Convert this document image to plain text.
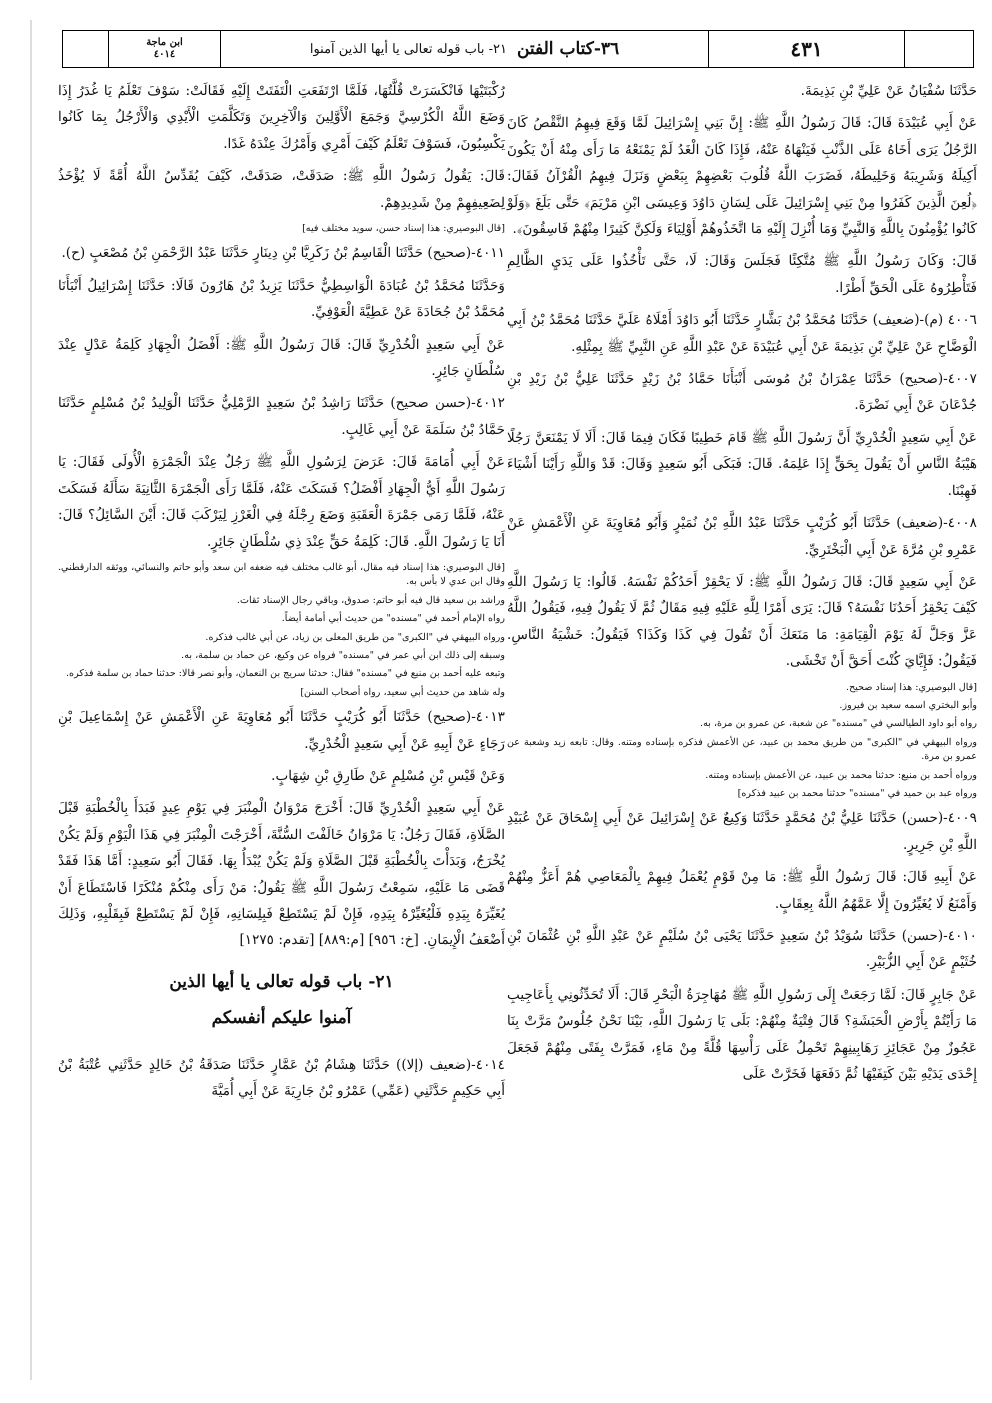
ابن ماجة
٤٠١٤	٣٦-كتاب الفتن
٢١- باب قوله تعالى يا أيها الذين آمنوا	٤٣١

حَدَّثَنَا سُفْيَانُ عَنْ عَلِيِّ بْنِ بَذِيمَةَ.

عَنْ أَبِي عُبَيْدَةَ قَالَ: قَالَ رَسُولُ اللَّهِ ﷺ: إِنَّ بَنِي إِسْرَائِيلَ لَمَّا وَقَعَ فِيهِمُ النَّقْصُ كَانَ الرَّجُلُ يَرَى أَخَاهُ عَلَى الذَّنْبِ فَيَنْهَاهُ عَنْهُ، فَإِذَا كَانَ الْغَدُ لَمْ يَمْنَعْهُ مَا رَأَى مِنْهُ أَنْ يَكُونَ أَكِيلَهُ وَشَرِيبَهُ وَخَلِيطَهُ، فَضَرَبَ اللَّهُ قُلُوبَ بَعْضِهِمْ بِبَعْضٍ وَنَزَلَ فِيهِمُ الْقُرْآنُ فَقَالَ: ﴿لُعِنَ الَّذِينَ كَفَرُوا مِنْ بَنِي إِسْرَائِيلَ عَلَى لِسَانِ دَاوُدَ وَعِيسَى ابْنِ مَرْيَمَ﴾ حَتَّى بَلَغَ ﴿وَلَوْ كَانُوا يُؤْمِنُونَ بِاللَّهِ وَالنَّبِيِّ وَمَا أُنْزِلَ إِلَيْهِ مَا اتَّخَذُوهُمْ أَوْلِيَاءَ وَلَكِنَّ كَثِيرًا مِنْهُمْ فَاسِقُونَ﴾.

قَالَ: وَكَانَ رَسُولُ اللَّهِ ﷺ مُتَّكِئًا فَجَلَسَ وَقَالَ: لَا، حَتَّى تَأْخُذُوا عَلَى يَدَيِ الظَّالِمِ فَتَأْطِرُوهُ عَلَى الْحَقِّ أَطْرًا.

٤٠٠٦ (م)-(ضعيف) حَدَّثَنَا مُحَمَّدُ بْنُ بَشَّارٍ حَدَّثَنَا أَبُو دَاوُدَ أَمْلَاهُ عَلَيَّ حَدَّثَنَا مُحَمَّدُ بْنُ أَبِي الْوَضَّاحِ عَنْ عَلِيِّ بْنِ بَذِيمَةَ عَنْ أَبِي عُبَيْدَةَ عَنْ عَبْدِ اللَّهِ عَنِ النَّبِيِّ ﷺ بِمِثْلِهِ.

٤٠٠٧-(صحيح) حَدَّثَنَا عِمْرَانُ بْنُ مُوسَى أَنْبَأَنَا حَمَّادُ بْنُ زَيْدٍ حَدَّثَنَا عَلِيُّ بْنُ زَيْدِ بْنِ جُدْعَانَ عَنْ أَبِي نَضْرَةَ.

عَنْ أَبِي سَعِيدٍ الْخُدْرِيِّ أَنَّ رَسُولَ اللَّهِ ﷺ قَامَ خَطِيبًا فَكَانَ فِيمَا قَالَ: أَلَا لَا يَمْنَعَنَّ رَجُلًا هَيْبَةُ النَّاسِ أَنْ يَقُولَ بِحَقٍّ إِذَا عَلِمَهُ. قَالَ: فَبَكَى أَبُو سَعِيدٍ وَقَالَ: قَدْ وَاللَّهِ رَأَيْنَا أَشْيَاءَ فَهِبْنَا.

٤٠٠٨-(ضعيف) حَدَّثَنَا أَبُو كُرَيْبٍ حَدَّثَنَا عَبْدُ اللَّهِ بْنُ نُمَيْرٍ وَأَبُو مُعَاوِيَةَ عَنِ الْأَعْمَشِ عَنْ عَمْرِو بْنِ مُرَّةَ عَنْ أَبِي الْبَخْتَرِيِّ.

عَنْ أَبِي سَعِيدٍ قَالَ: قَالَ رَسُولُ اللَّهِ ﷺ: لَا يَحْقِرْ أَحَدُكُمْ نَفْسَهُ. قَالُوا: يَا رَسُولَ اللَّهِ كَيْفَ يَحْقِرُ أَحَدُنَا نَفْسَهُ؟ قَالَ: يَرَى أَمْرًا لِلَّهِ عَلَيْهِ فِيهِ مَقَالٌ ثُمَّ لَا يَقُولُ فِيهِ، فَيَقُولُ اللَّهُ عَزَّ وَجَلَّ لَهُ يَوْمَ الْقِيَامَةِ: مَا مَنَعَكَ أَنْ تَقُولَ فِي كَذَا وَكَذَا؟ فَيَقُولُ: خَشْيَةُ النَّاسِ. فَيَقُولُ: فَإِيَّايَ كُنْتَ أَحَقَّ أَنْ تَخْشَى.

[قال البوصيري: هذا إسناد صحيح.

وأبو البختري اسمه سعيد بن فيروز.

رواه أبو داود الطيالسي في "مسنده" عن شعبة، عن عمرو بن مرة، به.

ورواه البيهقي في "الكبرى" من طريق محمد بن عبيد، عن الأعمش فذكره بإسناده ومتنه. وقال: تابعه زيد وشعبة عن عمرو بن مرة.

ورواه أحمد بن منيع: حدثنا محمد بن عبيد، عن الأعمش بإسناده ومتنه.

ورواه عبد بن حميد في "مسنده" حدثنا محمد بن عبيد فذكره]

٤٠٠٩-(حسن) حَدَّثَنَا عَلِيُّ بْنُ مُحَمَّدٍ حَدَّثَنَا وَكِيعٌ عَنْ إِسْرَائِيلَ عَنْ أَبِي إِسْحَاقَ عَنْ عُبَيْدِ اللَّهِ بْنِ جَرِيرٍ.

عَنْ أَبِيهِ قَالَ: قَالَ رَسُولُ اللَّهِ ﷺ: مَا مِنْ قَوْمٍ يُعْمَلُ فِيهِمْ بِالْمَعَاصِي هُمْ أَعَزُّ مِنْهُمْ وَأَمْنَعُ لَا يُغَيِّرُونَ إِلَّا عَمَّهُمُ اللَّهُ بِعِقَابٍ.

٤٠١٠-(حسن) حَدَّثَنَا سُوَيْدُ بْنُ سَعِيدٍ حَدَّثَنَا يَحْيَى بْنُ سُلَيْمٍ عَنْ عَبْدِ اللَّهِ بْنِ عُثْمَانَ بْنِ خُثَيْمٍ عَنْ أَبِي الزُّبَيْرِ.

عَنْ جَابِرٍ قَالَ: لَمَّا رَجَعَتْ إِلَى رَسُولِ اللَّهِ ﷺ مُهَاجِرَةُ الْبَحْرِ قَالَ: أَلَا تُحَدِّثُونِي بِأَعَاجِيبِ مَا رَأَيْتُمْ بِأَرْضِ الْحَبَشَةِ؟ قَالَ فِتْيَةٌ مِنْهُمْ: بَلَى يَا رَسُولَ اللَّهِ، بَيْنَا نَحْنُ جُلُوسٌ مَرَّتْ بِنَا عَجُوزٌ مِنْ عَجَائِزِ رَهَابِينِهِمْ تَحْمِلُ عَلَى رَأْسِهَا قُلَّةً مِنْ مَاءٍ، فَمَرَّتْ بِفَتًى مِنْهُمْ فَجَعَلَ إِحْدَى يَدَيْهِ بَيْنَ كَتِفَيْهَا ثُمَّ دَفَعَهَا فَخَرَّتْ عَلَى

رُكْبَتَيْهَا فَانْكَسَرَتْ قُلَّتُهَا، فَلَمَّا ارْتَفَعَتِ الْتَفَتَتْ إِلَيْهِ فَقَالَتْ: سَوْفَ تَعْلَمُ يَا غُدَرُ إِذَا وَضَعَ اللَّهُ الْكُرْسِيَّ وَجَمَعَ الْأَوَّلِينَ وَالْآخِرِينَ وَتَكَلَّمَتِ الْأَيْدِي وَالْأَرْجُلُ بِمَا كَانُوا يَكْسِبُونَ، فَسَوْفَ تَعْلَمُ كَيْفَ أَمْرِي وَأَمْرُكَ عِنْدَهُ غَدًا.

قَالَ: يَقُولُ رَسُولُ اللَّهِ ﷺ: صَدَقَتْ، صَدَقَتْ، كَيْفَ يُقَدِّسُ اللَّهُ أُمَّةً لَا يُؤْخَذُ لِضَعِيفِهِمْ مِنْ شَدِيدِهِمْ.

[قال البوصيري: هذا إسناد حسن، سويد مختلف فيه]

٤٠١١-(صحيح) حَدَّثَنَا الْقَاسِمُ بْنُ زَكَرِيَّا بْنِ دِينَارٍ حَدَّثَنَا عَبْدُ الرَّحْمَنِ بْنُ مُصْعَبٍ (ح).

وَحَدَّثَنَا مُحَمَّدُ بْنُ عُبَادَةَ الْوَاسِطِيُّ حَدَّثَنَا يَزِيدُ بْنُ هَارُونَ قَالَا: حَدَّثَنَا إِسْرَائِيلُ أَنْبَأَنَا مُحَمَّدُ بْنُ جُحَادَةَ عَنْ عَطِيَّةَ الْعَوْفِيِّ.

عَنْ أَبِي سَعِيدٍ الْخُدْرِيِّ قَالَ: قَالَ رَسُولُ اللَّهِ ﷺ: أَفْضَلُ الْجِهَادِ كَلِمَةُ عَدْلٍ عِنْدَ سُلْطَانٍ جَائِرٍ.

٤٠١٢-(حسن صحيح) حَدَّثَنَا رَاشِدُ بْنُ سَعِيدٍ الرَّمْلِيُّ حَدَّثَنَا الْوَلِيدُ بْنُ مُسْلِمٍ حَدَّثَنَا حَمَّادُ بْنُ سَلَمَةَ عَنْ أَبِي غَالِبٍ.

عَنْ أَبِي أُمَامَةَ قَالَ: عَرَضَ لِرَسُولِ اللَّهِ ﷺ رَجُلٌ عِنْدَ الْجَمْرَةِ الْأُولَى فَقَالَ: يَا رَسُولَ اللَّهِ أَيُّ الْجِهَادِ أَفْضَلُ؟ فَسَكَتَ عَنْهُ، فَلَمَّا رَأَى الْجَمْرَةَ الثَّانِيَةَ سَأَلَهُ فَسَكَتَ عَنْهُ، فَلَمَّا رَمَى جَمْرَةَ الْعَقَبَةِ وَضَعَ رِجْلَهُ فِي الْغَرْزِ لِيَرْكَبَ قَالَ: أَيْنَ السَّائِلُ؟ قَالَ: أَنَا يَا رَسُولَ اللَّهِ. قَالَ: كَلِمَةُ حَقٍّ عِنْدَ ذِي سُلْطَانٍ جَائِرٍ.

[قال البوصيري: هذا إسناد فيه مقال، أبو غالب مختلف فيه ضعفه ابن سعد وأبو حاتم والنسائي، ووثقه الدارقطني. وقال ابن عدي لا بأس به.

وراشد بن سعيد قال فيه أبو حاتم: صدوق، وباقي رجال الإسناد ثقات.

رواه الإمام أحمد في "مسنده" من حديث أبي أمامة أيضاً.

ورواه البيهقي في "الكبرى" من طريق المعلى بن زياد، عن أبي غالب فذكره.

وسبقه إلى ذلك ابن أبي عمر في "مسنده" فرواه عن وكيع، عن حماد بن سلمة، به.

وتبعه عليه أحمد بن منيع في "مسنده" فقال: حدثنا سريج بن النعمان، وأبو نصر قالا: حدثنا حماد بن سلمة فذكره.

وله شاهد من حديث أبي سعيد، رواه أصحاب السنن]

٤٠١٣-(صحيح) حَدَّثَنَا أَبُو كُرَيْبٍ حَدَّثَنَا أَبُو مُعَاوِيَةَ عَنِ الْأَعْمَشِ عَنْ إِسْمَاعِيلَ بْنِ رَجَاءٍ عَنْ أَبِيهِ عَنْ أَبِي سَعِيدٍ الْخُدْرِيِّ.

وَعَنْ قَيْسِ بْنِ مُسْلِمٍ عَنْ طَارِقِ بْنِ شِهَابٍ.

عَنْ أَبِي سَعِيدٍ الْخُدْرِيِّ قَالَ: أَخْرَجَ مَرْوَانُ الْمِنْبَرَ فِي يَوْمِ عِيدٍ فَبَدَأَ بِالْخُطْبَةِ قَبْلَ الصَّلَاةِ، فَقَالَ رَجُلٌ: يَا مَرْوَانُ خَالَفْتَ السُّنَّةَ، أَخْرَجْتَ الْمِنْبَرَ فِي هَذَا الْيَوْمِ وَلَمْ يَكُنْ يُخْرَجُ، وَبَدَأْتَ بِالْخُطْبَةِ قَبْلَ الصَّلَاةِ وَلَمْ يَكُنْ يُبْدَأُ بِهَا. فَقَالَ أَبُو سَعِيدٍ: أَمَّا هَذَا فَقَدْ قَضَى مَا عَلَيْهِ، سَمِعْتُ رَسُولَ اللَّهِ ﷺ يَقُولُ: مَنْ رَأَى مِنْكُمْ مُنْكَرًا فَاسْتَطَاعَ أَنْ يُغَيِّرَهُ بِيَدِهِ فَلْيُغَيِّرْهُ بِيَدِهِ، فَإِنْ لَمْ يَسْتَطِعْ فَبِلِسَانِهِ، فَإِنْ لَمْ يَسْتَطِعْ فَبِقَلْبِهِ، وَذَلِكَ أَضْعَفُ الْإِيمَانِ. [خ: ٩٥٦] [م:٨٨٩] [تقدم: ١٢٧٥]

٢١- باب قوله تعالى يا أيها الذين
آمنوا عليكم أنفسكم

٤٠١٤-(ضعيف (إلا)) حَدَّثَنَا هِشَامُ بْنُ عَمَّارٍ حَدَّثَنَا صَدَقَةُ بْنُ خَالِدٍ حَدَّثَنِي عُتْبَةُ بْنُ أَبِي حَكِيمٍ حَدَّثَنِي (عَمِّي) عَمْرُو بْنُ جَارِيَةَ عَنْ أَبِي أُمَيَّةَ
